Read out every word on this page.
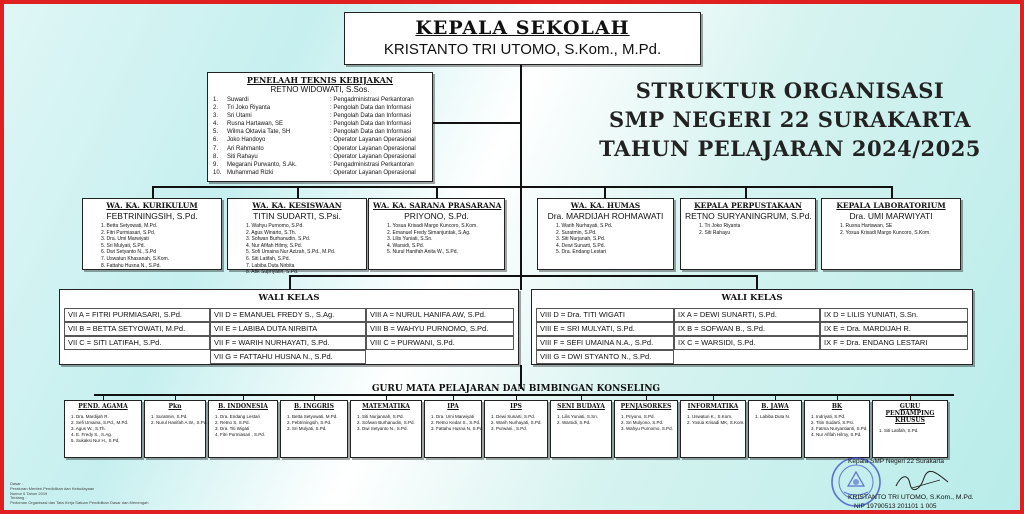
KEPALA SEKOLAH
KRISTANTO TRI UTOMO, S.Kom., M.Pd.
STRUKTUR ORGANISASI
SMP NEGERI 22 SURAKARTA
TAHUN PELAJARAN 2024/2025
PENELAAH TEKNIS KEBIJAKAN
RETNO WIDOWATI, S.Sos.
1.	Suwardi	: Pengadministrasi Perkantoran
2.	Tri Joko Riyanta	: Pengolah Data dan Informasi
3.	Sri Utami	: Pengolah Data dan Informasi
4.	Rusna Hartawan, SE	: Pengolah Data dan Informasi
5.	Wilma Oktavia Tate, SH	: Pengolah Data dan Informasi
6.	Joko Handoyo	: Operator Layanan Operasional
7.	Ari Rahmanto	: Operator Layanan Operasional
8.	Siti Rahayu	: Operator Layanan Operasional
9.	Megarani Purwanto, S.Ak.	: Pengadministrasi Perkantoran
10. Muhammad Rizki	: Operator Layanan Operasional
WA. KA. KURIKULUM
FEBTRININGSIH, S.Pd.
1. Betta Setyowati, M.Pd.
2. Fitri Purmiasari, S.Pd.
3. Dra. Umi Marwiyati
5. Sri Mulyati, S.Pd.
6. Dwi Setyanto N., S.Pd
7. Uswatun Khasanah, S.Kom.
8. Fattahu Husna N., S.Pd.
WA. KA. KESISWAAN
TITIN SUDARTI, S.Psi.
1. Wahyu Purnomo, S.Pd.
2. Agus Winarto, S.Th.
3. Sofwan Burhanudin, S.Pd.
4. Nur Afifah Hilmy, S.Pd.
5. Sofi Umaina Nur Azizah, S.Pd., M.Pd.
6. Siti Latifah, S.Pd.
7. Labiba Duta Nirbita
8. Atik Supriyatin, S.Pd.
WA. KA. SARANA PRASARANA
PRIYONO, S.Pd.
1. Yosua Krisadi Margo Kuncoro, S.Kom.
2. Emanuel Fredy Simanjuntak, S.Ag.
3. Lilis Yuniati, S.Sn.
4. Warsidi, S.Pd.
5. Nurul Hanifah Anita W., S.Pd.
WA. KA. HUMAS
Dra. MARDIJAH ROHMAWATI
1. Warih Nurhayati, S.Pd.
2. Suratmin, S.Pd.
3. Siti Nurjanah, S.Pd.
4. Dewi Sunarti, S.Pd.
5. Dra. Endang Lestari
KEPALA PERPUSTAKAAN
RETNO SURYANINGRUM, S.Pd.
1. Tri Joko Riyanta
2. Siti Rahayu
KEPALA LABORATORIUM
Dra. UMI MARWIYATI
1. Rusna Hartawan, SE
2. Yosua Krisadi Margo Kuncoro, S.Kom.
WALI KELAS
VII A = FITRI PURMIASARI, S.Pd.
VII B = BETTA SETYOWATI, M.Pd.
VII C = SITI LATIFAH, S.Pd.
VII D = EMANUEL FREDY S., S.Ag.
VII E = LABIBA DUTA NIRBITA
VII F = WARIH NURHAYATI, S.Pd.
VII G = FATTAHU HUSNA N., S.Pd.
VIII A = NURUL HANIFA AW, S.Pd.
VIII B = WAHYU PURNOMO, S.Pd.
VIII C = PURWANI, S.Pd.
WALI KELAS
VIII D = Dra. TITI WIGATI
VIII E = SRI MULYATI, S.Pd.
VIII F = SEFI UMAINA N.A., S.Pd.
VIII G = DWI STYANTO N., S.Pd.
IX A = DEWI SUNARTI, S.Pd.
IX B = SOFWAN B., S.Pd.
IX C = WARSIDI, S.Pd.
IX D = LILIS YUNIATI, S.Sn.
IX E = Dra. MARDIJAH R.
IX F = Dra. ENDANG LESTARI
GURU MATA PELAJARAN DAN BIMBINGAN KONSELING
PEND. AGAMA
1. Dra. Mardijah R.
2. Sefi Umaina, S.Pd., M.Pd.
3. Agus W., S.Th.
4. E. Fredy S., S.Ag.
5. Sukaksi Nur H., S.Pd.
Pkn
1. Suratmin, S.Pd.
2. Nurul Hanifah A.W., S.Pd.
B. INDONESIA
1. Dra. Endang Lestari
2. Retno S, S.Pd.
3. Dra. Titi Wigati
4. Fitri Purmiasari , S.Pd.
B. INGGRIS
1. Betta Setyowati, M.Pd.
2. Febtriningsih, S.Pd.
3. Sri Mulyati, S.Pd.
MATEMATIKA
1. Siti Nurjannah, S.Pd.
2. Sofwan Burhanudin, S.Pd.
3. Dwi Setyanto N., S.Pd.
IPA
1. Dra. Umi Marwiyati
2. Retno Kedar S., S.Pd.
3. Fattahu Husna N, S.Pd.
IPS
1. Dewi Sunarti, S.Pd.
2. Warih Nurhayati, S.Pd.
3. Purwani., S.Pd.
SENI BUDAYA
1. Lilis Yuniati, S.Sn.
2. Warsidi, S.Pd.
PENJASORKES
1. Priyono, S.Pd.
2. Sri Mulyono, S.Pd.
3. Wahyu Purnomo, S.Pd.
INFORMATIKA
1. Uswatun K., S.Kom.
2. Yosua Krisadi MK, S.Kom.
B. JAWA
1. Labiba Duta N.
BK
1. Indriyati, S.Pd.
2. Titin Sudarti, S.Psi.
3. Fatma Nuryantianti, S.Pd.
4. Nur Afifah Hilmy, S.Pd.
GURU PENDAMPING KHUSUS
1. Siti Latifah, S.Pd.
Dasar :
Peraturan Menteri Pendidikan dan Kebudayaan
Nomor 6 Tahun 2019
Tentang :
Pedoman Organisasi dan Tata Kerja Satuan Pendidikan Dasar dan Menengah
Kepala SMP Negeri 22 Surakarta
KRISTANTO TRI UTOMO, S.Kom., M.Pd.
NIP 19790513 201101 1 005
